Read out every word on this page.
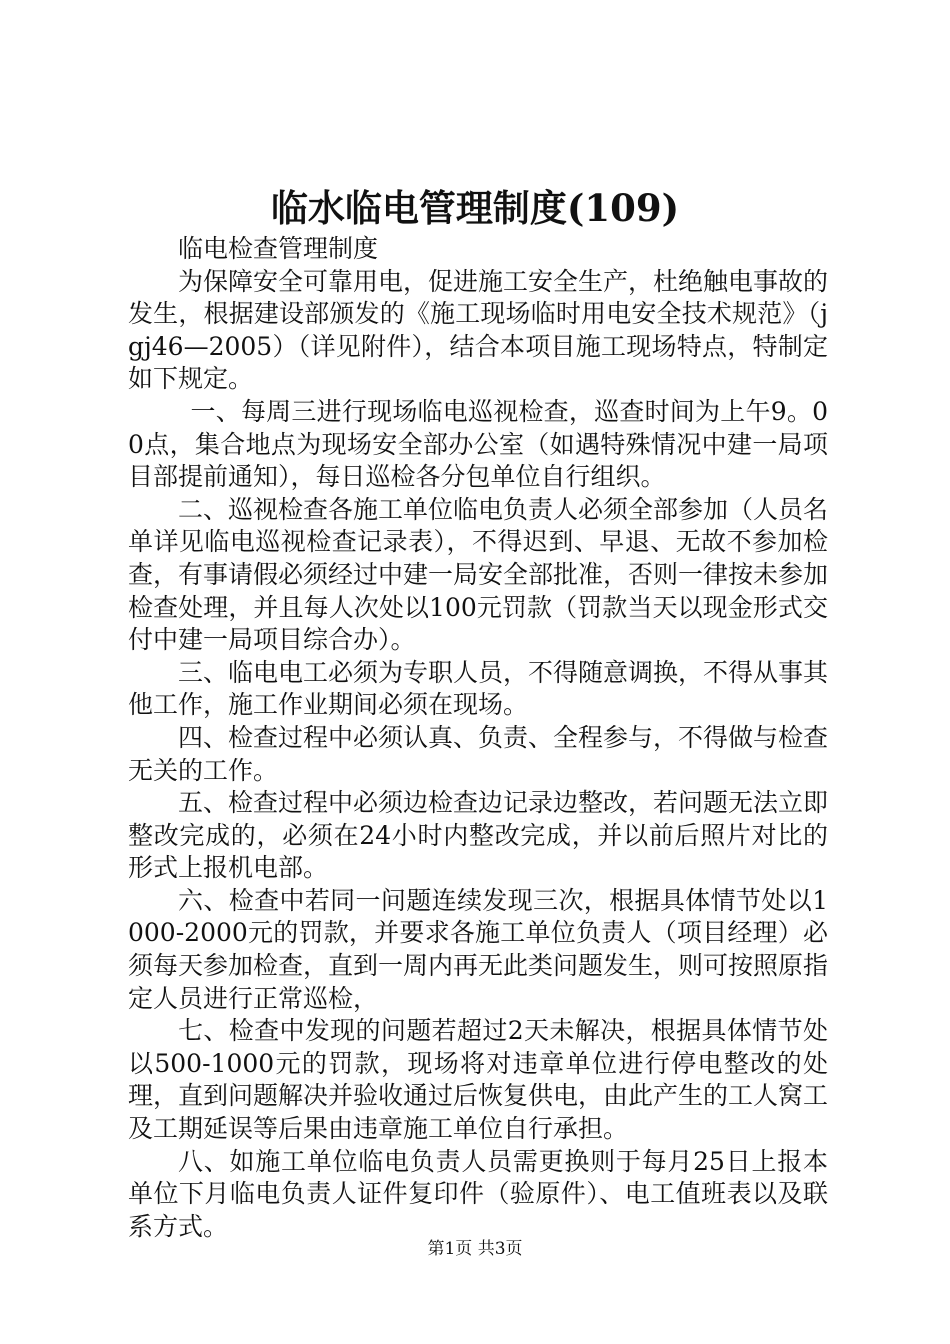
临水临电管理制度(109)

临电检查管理制度

为保障安全可靠用电，促进施工安全生产，杜绝触电事故的发生，根据建设部颁发的《施工现场临时用电安全技术规范》（jgj46—2005）（详见附件），结合本项目施工现场特点，特制定如下规定。

一、每周三进行现场临电巡视检查，巡查时间为上午9。00点，集合地点为现场安全部办公室（如遇特殊情况中建一局项目部提前通知），每日巡检各分包单位自行组织。

二、巡视检查各施工单位临电负责人必须全部参加（人员名单详见临电巡视检查记录表），不得迟到、早退、无故不参加检查，有事请假必须经过中建一局安全部批准，否则一律按未参加检查处理，并且每人次处以100元罚款（罚款当天以现金形式交付中建一局项目综合办）。

三、临电电工必须为专职人员，不得随意调换，不得从事其他工作，施工作业期间必须在现场。

四、检查过程中必须认真、负责、全程参与，不得做与检查无关的工作。

五、检查过程中必须边检查边记录边整改，若问题无法立即整改完成的，必须在24小时内整改完成，并以前后照片对比的形式上报机电部。

六、检查中若同一问题连续发现三次，根据具体情节处以1000-2000元的罚款，并要求各施工单位负责人（项目经理）必须每天参加检查，直到一周内再无此类问题发生，则可按照原指定人员进行正常巡检，

七、检查中发现的问题若超过2天未解决，根据具体情节处以500-1000元的罚款，现场将对违章单位进行停电整改的处理，直到问题解决并验收通过后恢复供电，由此产生的工人窝工及工期延误等后果由违章施工单位自行承担。

八、如施工单位临电负责人员需更换则于每月25日上报本单位下月临电负责人证件复印件（验原件）、电工值班表以及联系方式。

第1页 共3页
